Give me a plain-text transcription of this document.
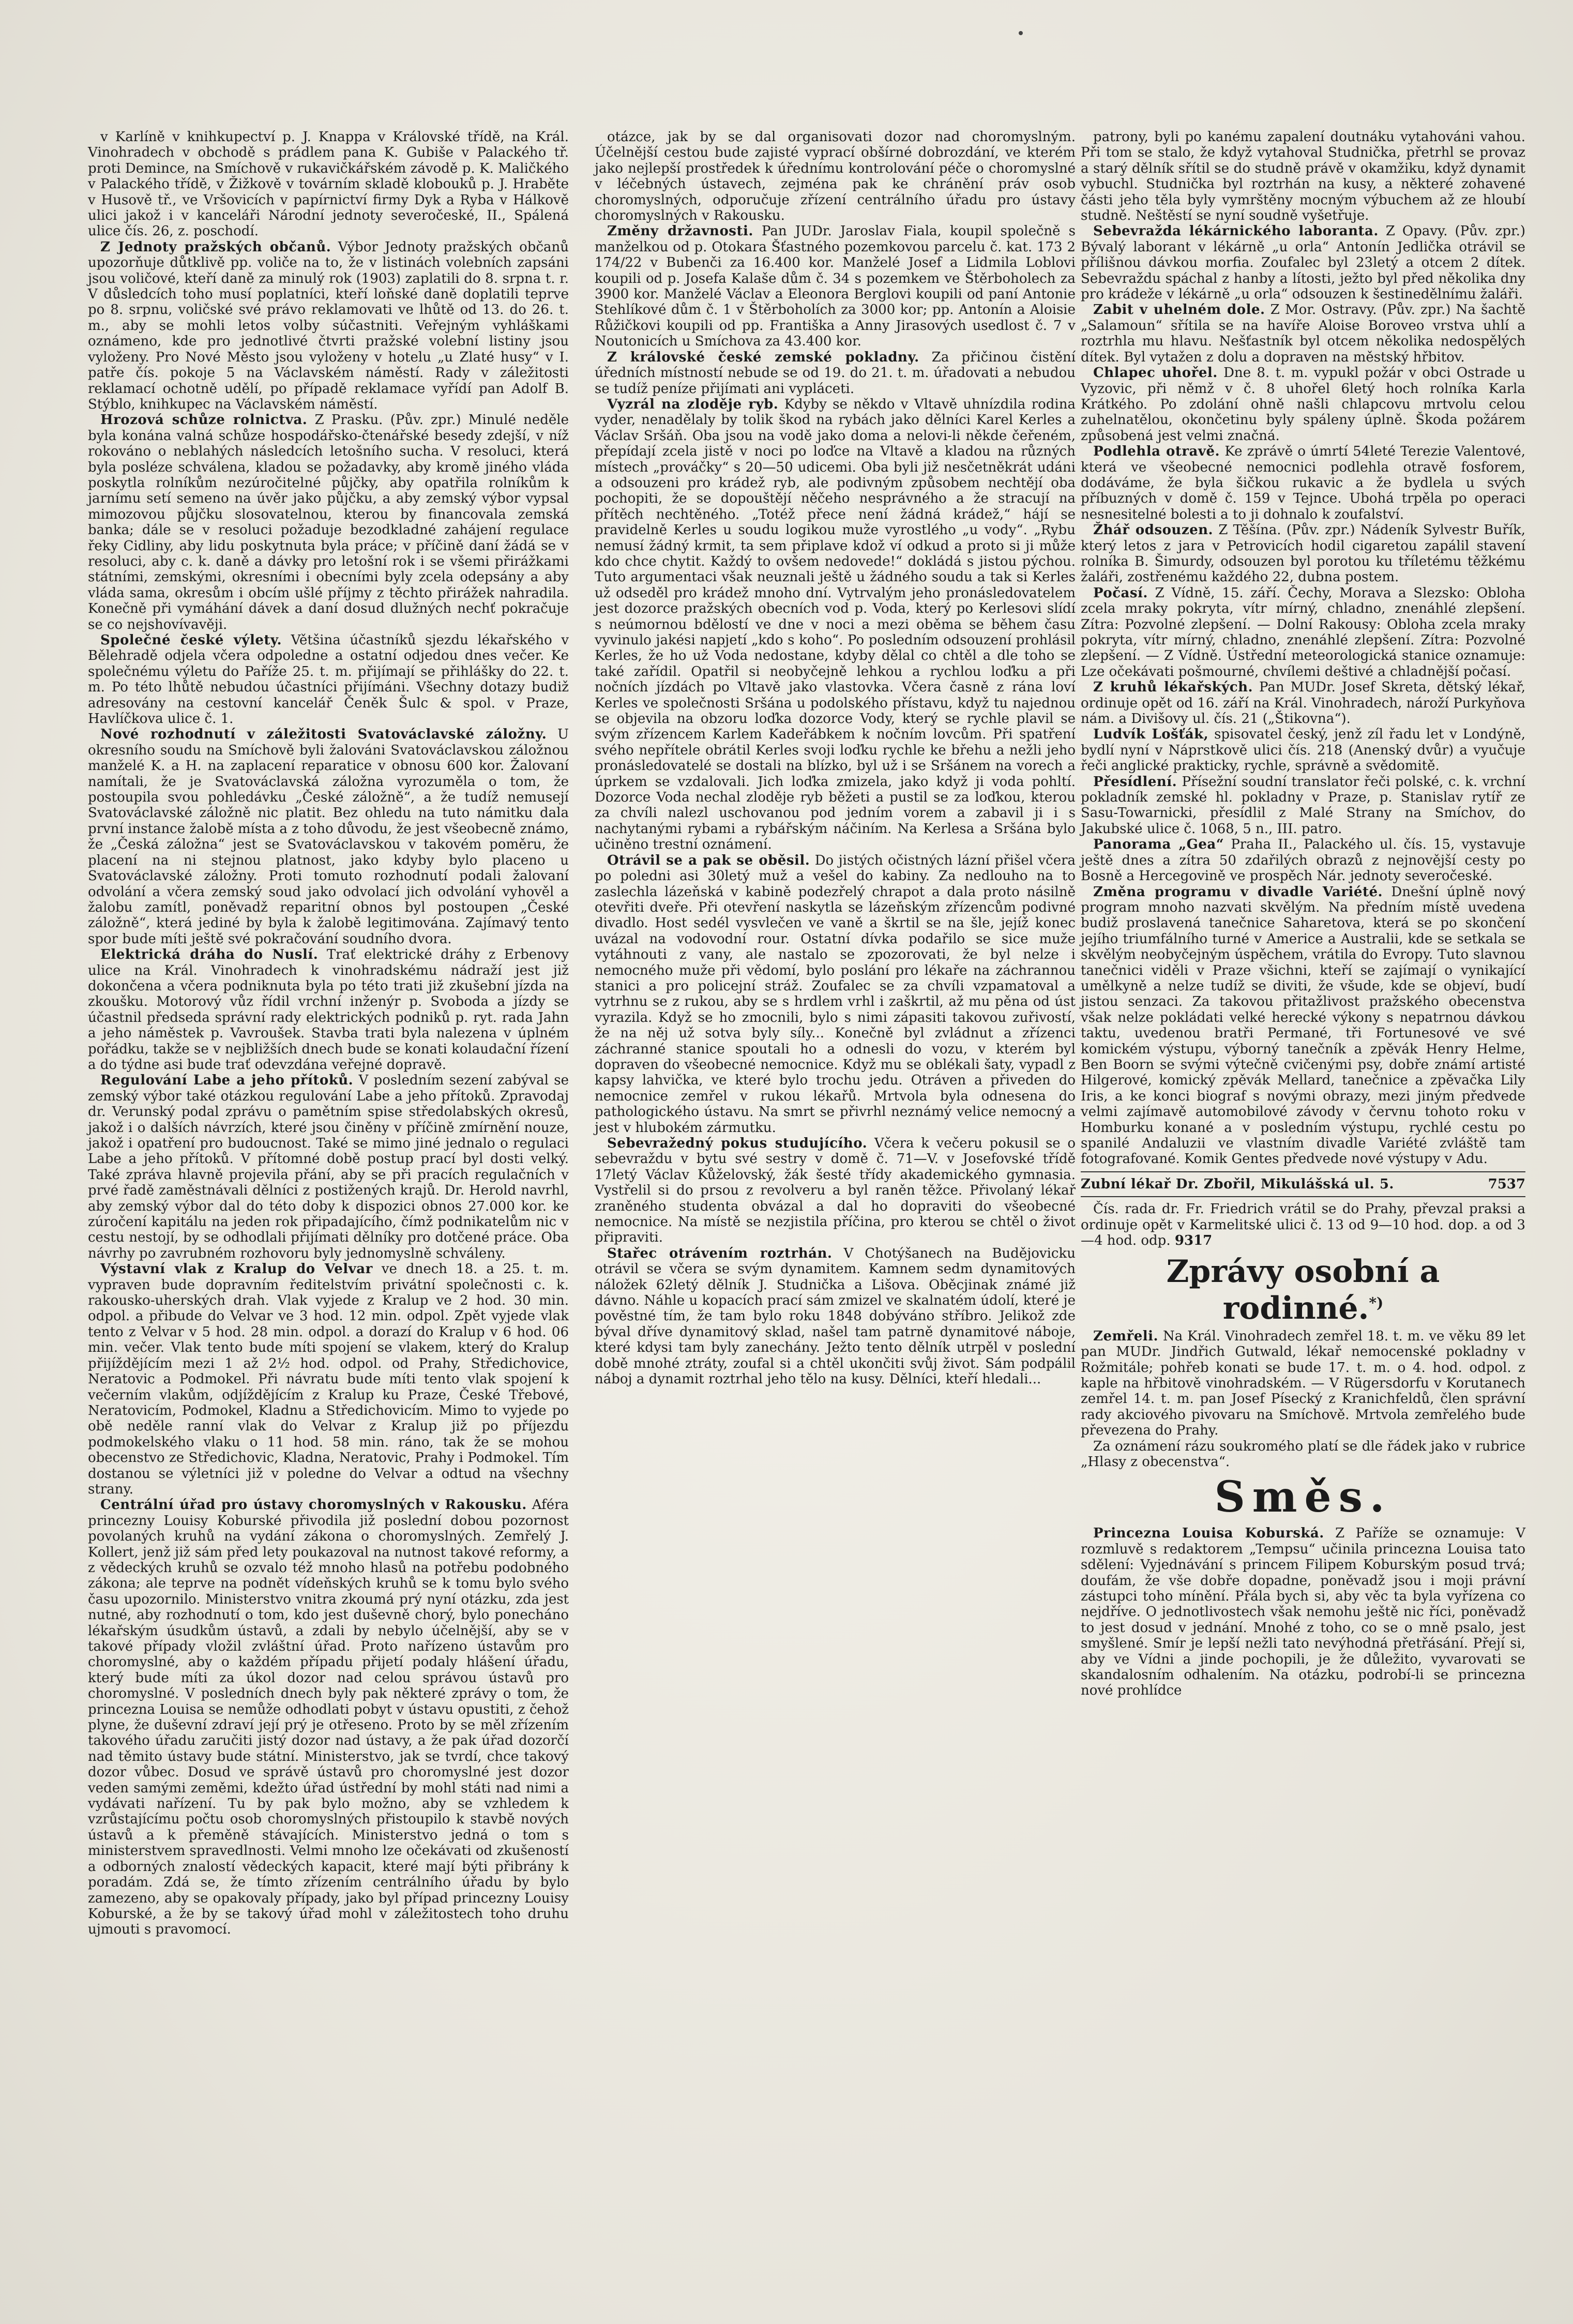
v Karlíně v knihkupectví p. J. Knappa v Královské třídě, na Král. Vinohradech v obchodě s prádlem pana K. Gubiše v Palackého tř. proti Demince, na Smíchově v rukavičkářském závodě p. K. Maličkého v Palackého třídě, v Žižkově v továrním skladě klobouků p. J. Hraběte v Husově tř., ve Vršovicích v papírnictví firmy Dyk a Ryba v Hálkově ulici jakož i v kanceláři Národní jednoty severočeské, II., Spálená ulice čís. 26, z. poschodí.

Z Jednoty pražských občanů. Výbor Jednoty pražských občanů upozorňuje důtklivě pp. voliče na to, že v listinách volebních zapsáni jsou voličové, kteří daně za minulý rok (1903) zaplatili do 8. srpna t. r. V důsledcích toho musí poplatníci, kteří loňské daně doplatili teprve po 8. srpnu, voličské své právo reklamovati ve lhůtě od 13. do 26. t. m., aby se mohli letos volby súčastniti. Veřejným vyhláškami oznámeno, kde pro jednotlivé čtvrti pražské volební listiny jsou vyloženy. Pro Nové Město jsou vyloženy v hotelu „u Zlaté husy“ v I. patře čís. pokoje 5 na Václavském náměstí. Rady v záležitosti reklamací ochotně udělí, po případě reklamace vyřídí pan Adolf B. Stýblo, knihkupec na Václavském náměstí.

Hrozová schůze rolnictva. Z Prasku. (Pův. zpr.) Minulé neděle byla konána valná schůze hospodářsko-čtenářské besedy zdejší, v níž rokováno o neblahých následcích letošního sucha. V resoluci, která byla posléze schválena, kladou se požadavky, aby kromě jiného vláda poskytla rolníkům nezúročitelné půjčky, aby opatřila rolníkům k jarnímu setí semeno na úvěr jako půjčku, a aby zemský výbor vypsal mimozovou půjčku slosovatelnou, kterou by financovala zemská banka; dále se v resoluci požaduje bezodkladné zahájení regulace řeky Cidliny, aby lidu poskytnuta byla práce; v příčině daní žádá se v resoluci, aby c. k. daně a dávky pro letošní rok i se všemi přirážkami státními, zemskými, okresními i obecními byly zcela odepsány a aby vláda sama, okresům i obcím ušlé příjmy z těchto přirážek nahradila. Konečně při vymáhání dávek a daní dosud dlužných nechť pokračuje se co nejshovívavěji.

Společné české výlety. Většina účastníků sjezdu lékařského v Bělehradě odjela včera odpoledne a ostatní odjedou dnes večer. Ke společnému výletu do Paříže 25. t. m. přijímají se přihlášky do 22. t. m. Po této lhůtě nebudou účastníci přijímáni. Všechny dotazy budiž adresovány na cestovní kancelář Čeněk Šulc & spol. v Praze, Havlíčkova ulice č. 1.

Nové rozhodnutí v záležitosti Svatováclavské záložny. U okresního soudu na Smíchově byli žalováni Svatováclavskou záložnou manželé K. a H. na zaplacení reparatice v obnosu 600 kor. Žalovaní namítali, že je Svatováclavská záložna vyrozuměla o tom, že postoupila svou pohledávku „České záložně“, a že tudíž nemusejí Svatováclavské záložně nic platit. Bez ohledu na tuto námitku dala první instance žalobě místa a z toho důvodu, že jest všeobecně známo, že „Česká záložna“ jest se Svatováclavskou v takovém poměru, že placení na ni stejnou platnost, jako kdyby bylo placeno u Svatováclavské záložny. Proti tomuto rozhodnutí podali žalovaní odvolání a včera zemský soud jako odvolací jich odvolání vyhověl a žalobu zamítl, poněvadž reparitní obnos byl postoupen „České záložně“, která jediné by byla k žalobě legitimována. Zajímavý tento spor bude míti ještě své pokračování soudního dvora.

Elektrická dráha do Nuslí. Trať elektrické dráhy z Erbenovy ulice na Král. Vinohradech k vinohradskému nádraží jest již dokončena a včera podniknuta byla po této trati již zkušební jízda na zkoušku. Motorový vůz řídil vrchní inženýr p. Svoboda a jízdy se účastnil předseda správní rady elektrických podniků p. ryt. rada Jahn a jeho náměstek p. Vavroušek. Stavba trati byla nalezena v úplném pořádku, takže se v nejbližších dnech bude se konati kolaudační řízení a do týdne asi bude trať odevzdána veřejné dopravě.

Regulování Labe a jeho přítoků. V posledním sezení zabýval se zemský výbor také otázkou regulování Labe a jeho přítoků. Zpravodaj dr. Verunský podal zprávu o pamětním spise středolabských okresů, jakož i o dalších návrzích, které jsou činěny v příčině zmírnění nouze, jakož i opatření pro budoucnost. Také se mimo jiné jednalo o regulaci Labe a jeho přítoků. V přítomné době postup prací byl dosti velký. Také zpráva hlavně projevila přání, aby se při pracích regulačních v prvé řadě zaměstnávali dělníci z postižených krajů. Dr. Herold navrhl, aby zemský výbor dal do této doby k dispozici obnos 27.000 kor. ke zúročení kapitálu na jeden rok připadajícího, čímž podnikatelům nic v cestu nestojí, by se odhodlali přijímati dělníky pro dotčené práce. Oba návrhy po zavrubném rozhovoru byly jednomyslně schváleny.

Výstavní vlak z Kralup do Velvar ve dnech 18. a 25. t. m. vypraven bude dopravním ředitelstvím privátní společnosti c. k. rakousko-uherských drah. Vlak vyjede z Kralup ve 2 hod. 30 min. odpol. a přibude do Velvar ve 3 hod. 12 min. odpol. Zpět vyjede vlak tento z Velvar v 5 hod. 28 min. odpol. a dorazí do Kralup v 6 hod. 06 min. večer. Vlak tento bude míti spojení se vlakem, který do Kralup přijíždějícím mezi 1 až 2½ hod. odpol. od Prahy, Středichovice, Neratovic a Podmokel. Při návratu bude míti tento vlak spojení k večerním vlakům, odjíždějícím z Kralup ku Praze, České Třebové, Neratovicím, Podmokel, Kladnu a Středichovicím. Mimo to vyjede po obě neděle ranní vlak do Velvar z Kralup již po příjezdu podmokelského vlaku o 11 hod. 58 min. ráno, tak že se mohou obecenstvo ze Středichovic, Kladna, Neratovic, Prahy i Podmokel. Tím dostanou se výletníci již v poledne do Velvar a odtud na všechny strany.

Centrální úřad pro ústavy choromyslných v Rakousku. Aféra princezny Louisy Koburské přivodila již poslední dobou pozornost povolaných kruhů na vydání zákona o choromyslných. Zemřelý J. Kollert, jenž již sám před lety poukazoval na nutnost takové reformy, a z vědeckých kruhů se ozvalo též mnoho hlasů na potřebu podobného zákona; ale teprve na podnět vídeňských kruhů se k tomu bylo svého času upozornilo. Ministerstvo vnitra zkoumá prý nyní otázku, zda jest nutné, aby rozhodnutí o tom, kdo jest duševně chorý, bylo ponecháno lékařským úsudkům ústavů, a zdali by nebylo účelnější, aby se v takové případy vložil zvláštní úřad. Proto nařízeno ústavům pro choromyslné, aby o každém případu přijetí podaly hlášení úřadu, který bude míti za úkol dozor nad celou správou ústavů pro choromyslné. V posledních dnech byly pak některé zprávy o tom, že princezna Louisa se nemůže odhodlati pobyt v ústavu opustiti, z čehož plyne, že duševní zdraví její prý je otřeseno. Proto by se měl zřízením takového úřadu zaručiti jistý dozor nad ústavy, a že pak úřad dozorčí nad těmito ústavy bude státní. Ministerstvo, jak se tvrdí, chce takový dozor vůbec. Dosud ve správě ústavů pro choromyslné jest dozor veden samými zeměmi, kdežto úřad ústřední by mohl státi nad nimi a vydávati nařízení. Tu by pak bylo možno, aby se vzhledem k vzrůstajícímu počtu osob choromyslných přistoupilo k stavbě nových ústavů a k přeměně stávajících. Ministerstvo jedná o tom s ministerstvem spravedlnosti. Velmi mnoho lze očekávati od zkušeností a odborných znalostí vědeckých kapacit, které mají býti přibrány k poradám. Zdá se, že tímto zřízením centrálního úřadu by bylo zamezeno, aby se opakovaly případy, jako byl případ princezny Louisy Koburské, a že by se takový úřad mohl v záležitostech toho druhu ujmouti s pravomocí.

otázce, jak by se dal organisovati dozor nad choromyslným. Účelnější cestou bude zajisté vyprací obšírné dobrozdání, ve kterém jako nejlepší prostředek k úřednímu kontrolování péče o choromyslné v léčebných ústavech, zejména pak ke chránění práv osob choromyslných, odporučuje zřízení centrálního úřadu pro ústavy choromyslných v Rakousku.

Změny državnosti. Pan JUDr. Jaroslav Fiala, koupil společně s manželkou od p. Otokara Šťastného pozemkovou parcelu č. kat. 173 2 174/22 v Bubenči za 16.400 kor. Manželé Josef a Lidmila Loblovi koupili od p. Josefa Kalaše dům č. 34 s pozemkem ve Štěrboholech za 3900 kor. Manželé Václav a Eleonora Berglovi koupili od paní Antonie Stehlíkové dům č. 1 v Štěrboholích za 3000 kor; pp. Antonín a Aloisie Růžičkovi koupili od pp. Františka a Anny Jirasových usedlost č. 7 v Noutonicích u Smíchova za 43.400 kor.

Z královské české zemské pokladny. Za přičinou čistění úředních místností nebude se od 19. do 21. t. m. úřadovati a nebudou se tudíž peníze přijímati ani vypláceti.

Vyzrál na zloděje ryb. Kdyby se někdo v Vltavě uhnízdila rodina vyder, nenadělaly by tolik škod na rybách jako dělníci Karel Kerles a Václav Sršáň. Oba jsou na vodě jako doma a nelovi-li někde čeřeném, přepídají zcela jistě v noci po loďce na Vltavě a kladou na různých místech „prováčky“ s 20—50 udicemi. Oba byli již nesčetněkrát udáni a odsouzeni pro krádež ryb, ale podivným způsobem nechtějí oba pochopiti, že se dopouštějí něčeho nesprávného a že stracují na přítěch nechtěného. „Totéž přece není žádná krádež,“ hájí se pravidelně Kerles u soudu logikou muže vyrostlého „u vody“. „Rybu nemusí žádný krmit, ta sem připlave kdož ví odkud a proto si ji může kdo chce chytit. Každý to ovšem nedovede!“ dokládá s jistou pýchou. Tuto argumentaci však neuznali ještě u žádného soudu a tak si Kerles už odseděl pro krádež mnoho dní. Vytrvalým jeho pronásledovatelem jest dozorce pražských obecních vod p. Voda, který po Kerlesovi slídí s neúmornou bdělostí ve dne v noci a mezi oběma se během času vyvinulo jakési napjetí „kdo s koho“. Po posledním odsouzení prohlásil Kerles, že ho už Voda nedostane, kdyby dělal co chtěl a dle toho se také zařídil. Opatřil si neobyčejně lehkou a rychlou loďku a při nočních jízdách po Vltavě jako vlastovka. Včera časně z rána loví Kerles ve společnosti Sršána u podolského přístavu, když tu najednou se objevila na obzoru loďka dozorce Vody, který se rychle plavil se svým zřízencem Karlem Kadeřábkem k nočním lovcům. Při spatření svého nepřítele obrátil Kerles svoji loďku rychle ke břehu a nežli jeho pronásledovatelé se dostali na blízko, byl už i se Sršánem na vorech a úprkem se vzdalovali. Jich loďka zmizela, jako když ji voda pohltí. Dozorce Voda nechal zloděje ryb běžeti a pustil se za loďkou, kterou za chvíli nalezl uschovanou pod jedním vorem a zabavil ji i s nachytanými rybami a rybářským náčiním. Na Kerlesa a Sršána bylo učiněno trestní oznámení.

Otrávil se a pak se oběsil. Do jistých očistných lázní přišel včera po poledni asi 30letý muž a vešel do kabiny. Za nedlouho na to zaslechla lázeňská v kabině podezřelý chrapot a dala proto násilně otevřiti dveře. Při otevření naskytla se lázeňským zřízencům podivné divadlo. Host sedél vysvlečen ve vaně a škrtil se na šle, jejíž konec uvázal na vodovodní rour. Ostatní dívka podařilo se sice muže vytáhnouti z vany, ale nastalo se zpozorovati, že byl nelze i nemocného muže při vědomí, bylo poslání pro lékaře na záchrannou stanici a pro policejní stráž. Zoufalec se za chvíli vzpamatoval a vytrhnu se z rukou, aby se s hrdlem vrhl i zaškrtil, až mu pěna od úst vyrazila. Když se ho zmocnili, bylo s nimi zápasiti takovou zuřivostí, že na něj už sotva byly síly... Konečně byl zvládnut a zřízenci záchranné stanice spoutali ho a odnesli do vozu, v kterém byl dopraven do všeobecné nemocnice. Když mu se oblékali šaty, vypadl z kapsy lahvička, ve které bylo trochu jedu. Otráven a přiveden do nemocnice zemřel v rukou lékařů. Mrtvola byla odnesena do pathologického ústavu. Na smrt se přivrhl neznámý velice nemocný a jest v hlubokém zármutku.

Sebevražedný pokus studujícího. Včera k večeru pokusil se o sebevraždu v bytu své sestry v domě č. 71—V. v Josefovské třídě 17letý Václav Kůželovský, žák šesté třídy akademického gymnasia. Vystřelil si do prsou z revolveru a byl raněn těžce. Přivolaný lékař zraněného studenta obvázal a dal ho dopraviti do všeobecné nemocnice. Na místě se nezjistila příčina, pro kterou se chtěl o život připraviti.

Stařec otrávením roztrhán. V Chotýšanech na Budějovicku otrávil se včera se svým dynamitem. Kamnem sedm dynamitových náložek 62letý dělník J. Studnička a Lišova. Oběcjinak známé již dávno. Náhle u kopacích prací sám zmizel ve skalnatém údolí, které je pověstné tím, že tam bylo roku 1848 dobýváno stříbro. Jelikož zde býval dříve dynamitový sklad, našel tam patrně dynamitové náboje, které kdysi tam byly zanechány. Ježto tento dělník utrpěl v poslední době mnohé ztráty, zoufal si a chtěl ukončiti svůj život. Sám podpálil náboj a dynamit roztrhal jeho tělo na kusy. Dělníci, kteří hledali...

patrony, byli po kanému zapalení doutnáku vytahováni vahou. Při tom se stalo, že když vytahoval Studnička, přetrhl se provaz a starý dělník sřítil se do studně právě v okamžiku, když dynamit vybuchl. Studnička byl roztrhán na kusy, a některé zohavené části jeho těla byly vymrštěny mocným výbuchem až ze hloubí studně. Neštěstí se nyní soudně vyšetřuje.

Sebevražda lékárnického laboranta. Z Opavy. (Pův. zpr.) Bývalý laborant v lékárně „u orla“ Antonín Jedlička otrávil se přílišnou dávkou morfia. Zoufalec byl 23letý a otcem 2 dítek. Sebevraždu spáchal z hanby a lítosti, ježto byl před několika dny pro krádeže v lékárně „u orla“ odsouzen k šestinedělnímu žaláři.

Zabit v uhelném dole. Z Mor. Ostravy. (Pův. zpr.) Na šachtě „Salamoun“ sřítila se na havíře Aloise Boroveo vrstva uhlí a roztrhla mu hlavu. Nešťastník byl otcem několika nedospělých dítek. Byl vytažen z dolu a dopraven na městský hřbitov.

Chlapec uhořel. Dne 8. t. m. vypukl požár v obci Ostrade u Vyzovic, při němž v č. 8 uhořel 6letý hoch rolníka Karla Krátkého. Po zdolání ohně našli chlapcovu mrtvolu celou zuhelnatělou, okončetinu byly spáleny úplně. Škoda požárem způsobená jest velmi značná.

Podlehla otravě. Ke zprávě o úmrtí 54leté Terezie Valentové, která ve všeobecné nemocnici podlehla otravě fosforem, dodáváme, že byla šičkou rukavic a že bydlela u svých příbuzných v domě č. 159 v Tejnce. Ubohá trpěla po operaci nesnesitelné bolesti a to ji dohnalo k zoufalství.

Žhář odsouzen. Z Těšína. (Pův. zpr.) Nádeník Sylvestr Buřík, který letos z jara v Petrovicích hodil cigaretou zapálil stavení rolníka B. Šimurdy, odsouzen byl porotou ku tříletému těžkému žaláři, zostřenému každého 22, dubna postem.

Počasí. Z Vídně, 15. září. Čechy, Morava a Slezsko: Obloha zcela mraky pokryta, vítr mírný, chladno, znenáhlé zlepšení. Zítra: Pozvolné zlepšení. — Dolní Rakousy: Obloha zcela mraky pokryta, vítr mírný, chladno, znenáhlé zlepšení. Zítra: Pozvolné zlepšení. — Z Vídně. Ústřední meteorologická stanice oznamuje: Lze očekávati pošmourné, chvílemi deštivé a chladnější počasí.

Z kruhů lékařských. Pan MUDr. Josef Skreta, dětský lékař, ordinuje opět od 16. září na Král. Vinohradech, nároží Purkyňova nám. a Divišovy ul. čís. 21 („Štikovna“).

Ludvík Lošťák, spisovatel český, jenž zíl řadu let v Londýně, bydlí nyní v Náprstkově ulici čís. 218 (Anenský dvůr) a vyučuje řeči anglické prakticky, rychle, správně a svědomitě.

Přesídlení. Přísežní soudní translator řeči polské, c. k. vrchní pokladník zemské hl. pokladny v Praze, p. Stanislav rytíř ze Sasu-Towarnicki, přesídlil z Malé Strany na Smíchov, do Jakubské ulice č. 1068, 5 n., III. patro.

Panorama „Gea“ Praha II., Palackého ul. čís. 15, vystavuje ještě dnes a zítra 50 zdařilých obrazů z nejnovější cesty po Bosně a Hercegovině ve prospěch Nár. jednoty severočeské.

Změna programu v divadle Variété. Dnešní úplně nový program mnoho nazvati skvělým. Na předním místě uvedena budiž proslavená tanečnice Saharetova, která se po skončení jejího triumfálního turné v Americe a Australii, kde se setkala se skvělým neobyčejným úspěchem, vrátila do Evropy. Tuto slavnou tanečnici viděli v Praze všichni, kteří se zajímají o vynikající umělkyně a nelze tudíž se diviti, že všude, kde se objeví, budí jistou senzaci. Za takovou přitažlivost pražského obecenstva však nelze pokládati velké herecké výkony s nepatrnou dávkou taktu, uvedenou bratři Permané, tři Fortunesové ve své komickém výstupu, výborný tanečník a zpěvák Henry Helme, Ben Boorn se svými výtečně cvičenými psy, dobře známí artisté Hilgerové, komický zpěvák Mellard, tanečnice a zpěvačka Lily Iris, a ke konci biograf s novými obrazy, mezi jiným předvede velmi zajímavě automobilové závody v červnu tohoto roku v Homburku konané a v posledním výstupu, rychlé cestu po spanilé Andaluzii ve vlastním divadle Variété zvláště tam fotografované. Komik Gentes předvede nové výstupy v Adu.

Zubní lékař Dr. Zbořil, Mikulášská ul. 5.	7537

Čís. rada dr. Fr. Friedrich vrátil se do Prahy, převzal praksi a ordinuje opět v Karmelitské ulici č. 13 od 9—10 hod. dop. a od 3—4 hod. odp. 9317

Zprávy osobní a rodinné.*)

Zemřeli. Na Král. Vinohradech zemřel 18. t. m. ve věku 89 let pan MUDr. Jindřich Gutwald, lékař nemocenské pokladny v Rožmitále; pohřeb konati se bude 17. t. m. o 4. hod. odpol. z kaple na hřbitově vinohradském. — V Rügersdorfu v Korutanech zemřel 14. t. m. pan Josef Písecký z Kranichfeldů, člen správní rady akciového pivovaru na Smíchově. Mrtvola zemřelého bude převezena do Prahy.

Za oznámení rázu soukromého platí se dle řádek jako v rubrice „Hlasy z obecenstva“.

Směs.

Princezna Louisa Koburská. Z Paříže se oznamuje: V rozmluvě s redaktorem „Tempsu“ učinila princezna Louisa tato sdělení: Vyjednávání s princem Filipem Koburským posud trvá; doufám, že vše dobře dopadne, poněvadž jsou i moji právní zástupci toho mínění. Přála bych si, aby věc ta byla vyřízena co nejdříve. O jednotlivostech však nemohu ještě nic říci, poněvadž to jest dosud v jednání. Mnohé z toho, co se o mně psalo, jest smyšlené. Smír je lepší nežli tato nevýhodná přetřásání. Přejí si, aby ve Vídni a jinde pochopili, je že důležito, vyvarovati se skandalosním odhalením. Na otázku, podrobí-li se princezna nové prohlídce
